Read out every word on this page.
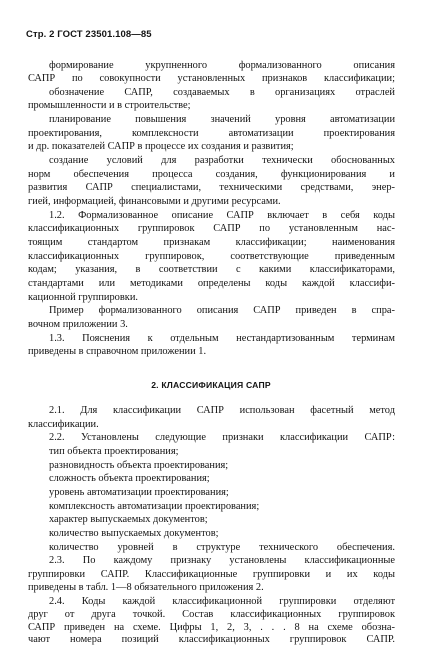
Стр. 2 ГОСТ 23501.108—85
формирование укрупненного формализованного описания
САПР по совокупности установленных признаков классификации;
обозначение САПР, создаваемых в организациях отраслей
промышленности и в строительстве;
планирование повышения значений уровня автоматизации
проектирования, комплексности автоматизации проектирования
и др. показателей САПР в процессе их создания и развития;
создание условий для разработки технически обоснованных
норм обеспечения процесса создания, функционирования и
развития САПР специалистами, техническими средствами, энер-
гией, информацией, финансовыми и другими ресурсами.
1.2. Формализованное описание САПР включает в себя коды
классификационных группировок САПР по установленным нас-
тоящим стандартом признакам классификации; наименования
классификационных группировок, соответствующие приведенным
кодам; указания, в соответствии с какими классификаторами,
стандартами или методиками определены коды каждой классифи-
кационной группировки.
Пример формализованного описания САПР приведен в спра-
вочном приложении 3.
1.3. Пояснения к отдельным нестандартизованным терминам
приведены в справочном приложении 1.
2. КЛАССИФИКАЦИЯ САПР
2.1. Для классификации САПР использован фасетный метод
классификации.
2.2. Установлены следующие признаки классификации САПР:
тип объекта проектирования;
разновидность объекта проектирования;
сложность объекта проектирования;
уровень автоматизации проектирования;
комплексность автоматизации проектирования;
характер выпускаемых документов;
количество выпускаемых документов;
количество уровней в структуре технического обеспечения.
2.3. По каждому признаку установлены классификационные
группировки САПР. Классификационные группировки и их коды
приведены в табл. 1—8 обязательного приложения 2.
2.4. Коды каждой классификационной группировки отделяют
друг от друга точкой. Состав классификационных группировок
САПР приведен на схеме. Цифры 1, 2, 3, . . . 8 на схеме обозна-
чают номера позиций классификационных группировок САПР.
